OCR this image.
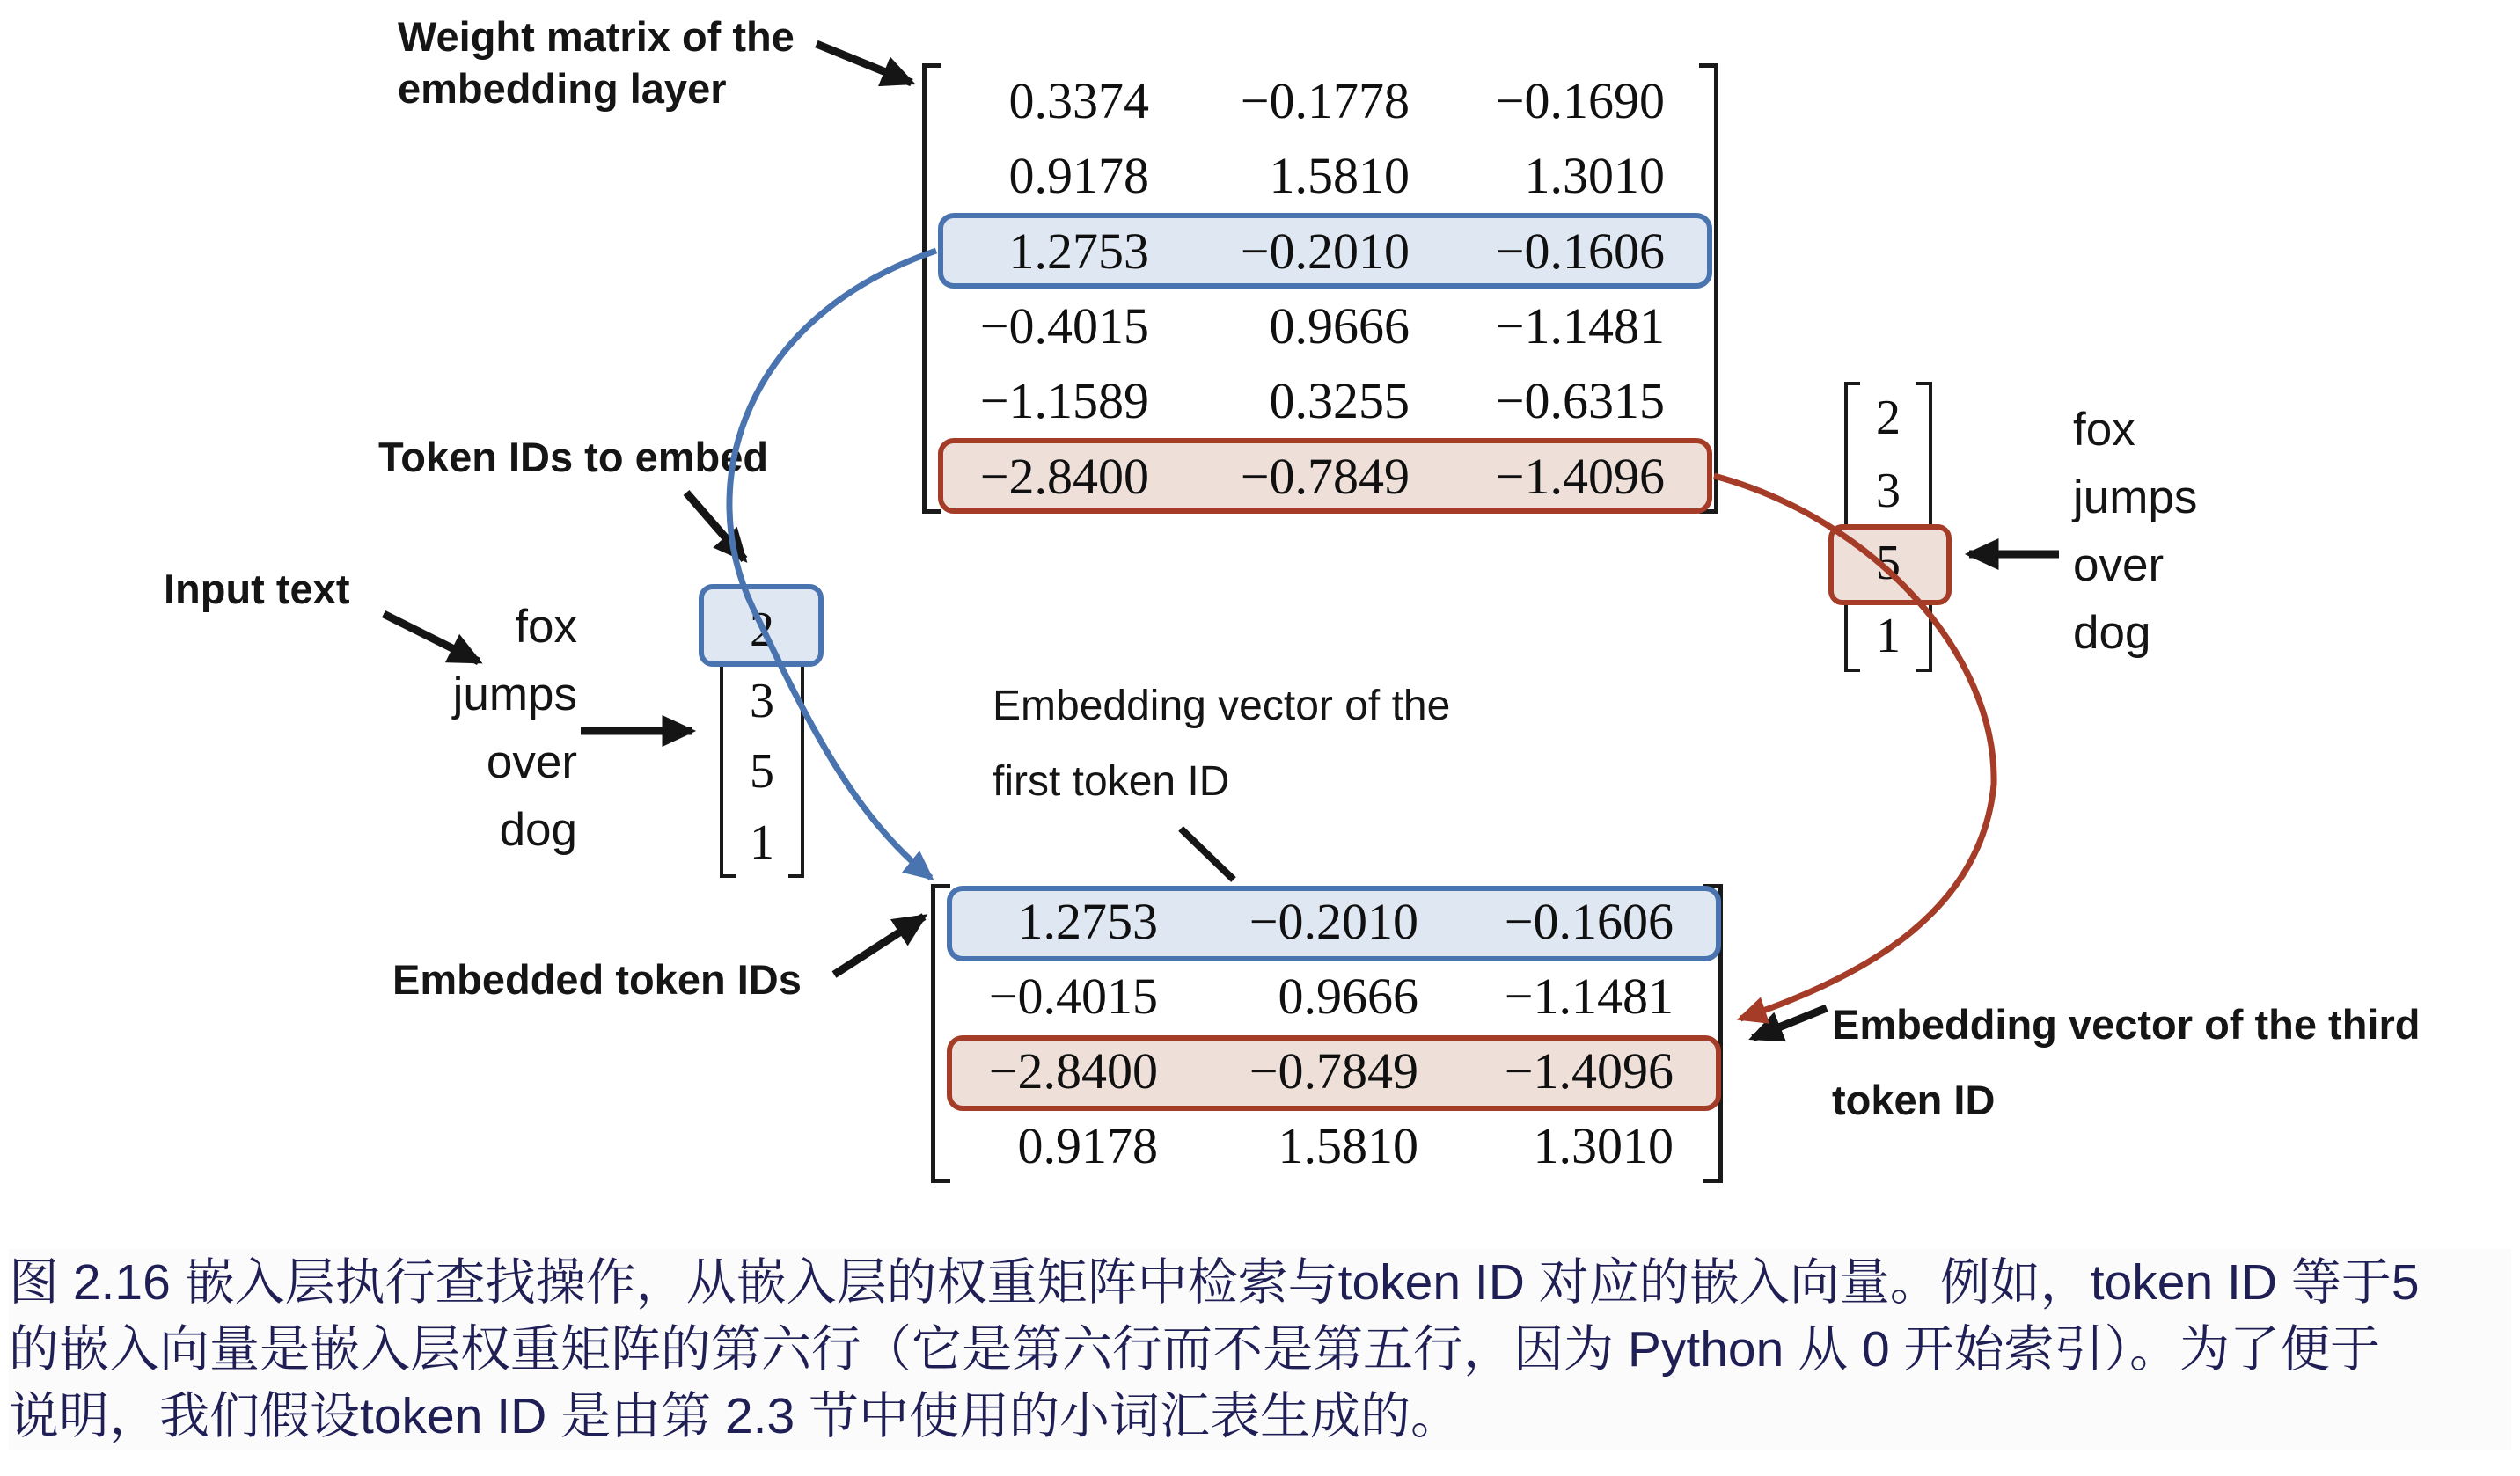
Weight matrix of the embedding layer
Token IDs to embed
Input text
Embedding vector of the first token ID
Embedded token IDs
Embedding vector of the third token ID
fox
jumps
over
dog
fox
jumps
over
dog
2
3
5
1
2
3
5
1
0.3374	−0.1778	−0.1690
0.9178	1.5810	1.3010
1.2753	−0.2010	−0.1606
−0.4015	0.9666	−1.1481
−1.1589	0.3255	−0.6315
−2.8400	−0.7849	−1.4096
1.2753	−0.2010	−0.1606
−0.4015	0.9666	−1.1481
−2.8400	−0.7849	−1.4096
0.9178	1.5810	1.3010
图 2.16 嵌入层执行查找操作，从嵌入层的权重矩阵中检索与token ID 对应的嵌入向量。例如，token ID 等于5
的嵌入向量是嵌入层权重矩阵的第六行（它是第六行而不是第五行，因为 Python 从 0 开始索引）。为了便于
说明，我们假设token ID 是由第 2.3 节中使用的小词汇表生成的。
